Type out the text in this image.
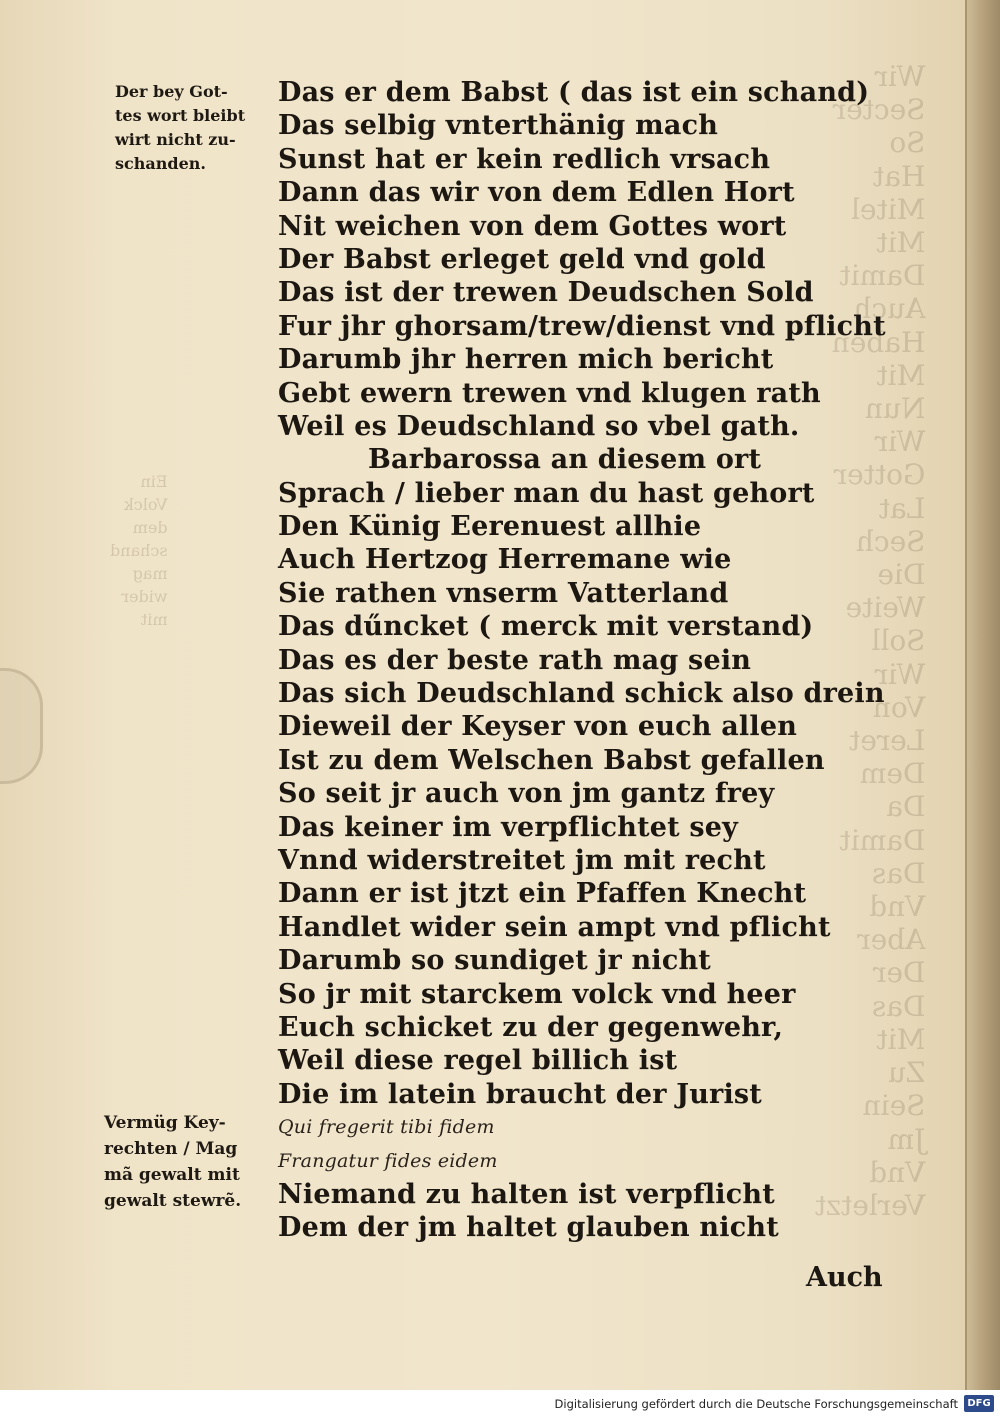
Wir
Secter
So
Hat
Mitel
Mit
Damit
Auch
Haben
Mit
Nun
Wir
Gotter
Lat
Sech
Die
Weite
Soll
Wir
Von
Leret
Dem
Da
Damit
Das
Vnd
Aber
Der
Das
Mit
Zu
Sein
Jm
Vnd
Verletzt
Ein
Volck
dem
schand
mag
wider
mit
Der bey Got-
tes wort bleibt
wirt nicht zu-
schanden.
Das er dem Babst ( das ist ein schand)
Das selbig vnterthänig mach
Sunst hat er kein redlich vrsach
Dann das wir von dem Edlen Hort
Nit weichen von dem Gottes wort
Der Babst erleget geld vnd gold
Das ist der trewen Deudschen Sold
Fur jhr ghorsam/trew/dienst vnd pflicht
Darumb jhr herren mich bericht
Gebt ewern trewen vnd klugen rath
Weil es Deudschland so vbel gath.
Barbarossa an diesem ort
Sprach / lieber man du hast gehort
Den Künig Eerenuest allhie
Auch Hertzog Herremane wie
Sie rathen vnserm Vatterland
Das dűncket ( merck mit verstand)
Das es der beste rath mag sein
Das sich Deudschland schick also drein
Dieweil der Keyser von euch allen
Ist zu dem Welschen Babst gefallen
So seit jr auch von jm gantz frey
Das keiner im verpflichtet sey
Vnnd widerstreitet jm mit recht
Dann er ist jtzt ein Pfaffen Knecht
Handlet wider sein ampt vnd pflicht
Darumb so sundiget jr nicht
So jr mit starckem volck vnd heer
Euch schicket zu der gegenwehr,
Weil diese regel billich ist
Die im latein braucht der Jurist
Qui fregerit tibi fidem
Frangatur fides eidem
Niemand zu halten ist verpflicht
Dem der jm haltet glauben nicht
Vermüg Key-
rechten / Mag
mã gewalt mit
gewalt stewrẽ.
Auch
Digitalisierung gefördert durch die Deutsche Forschungsgemeinschaft DFG
